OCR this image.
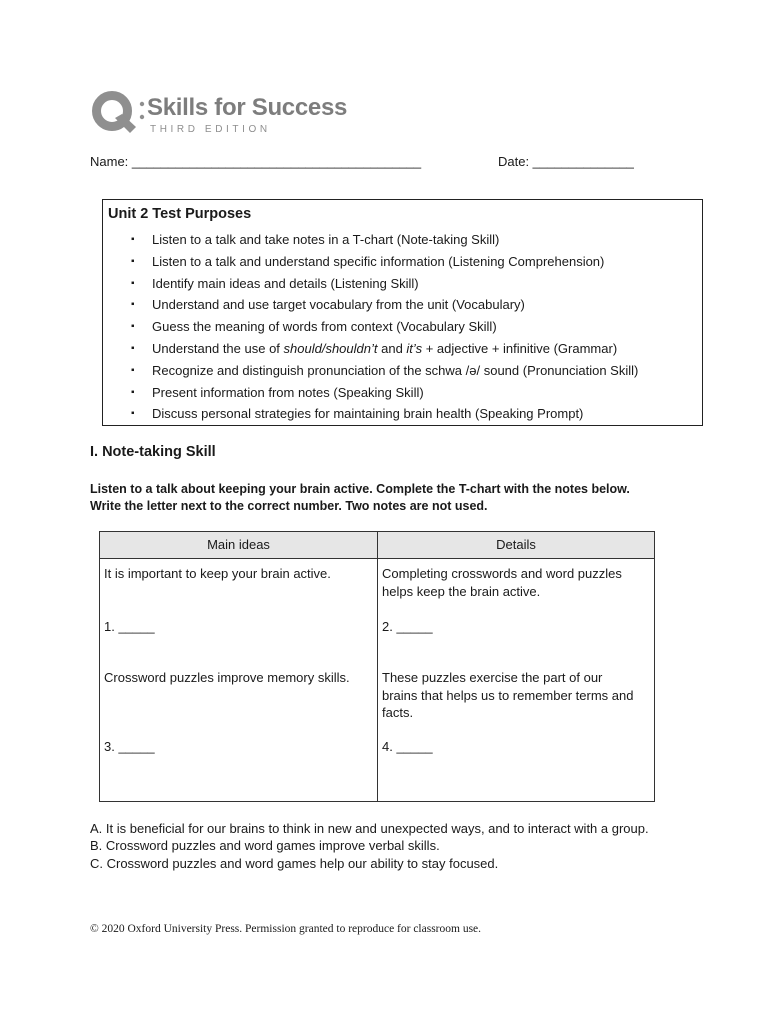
Skills for Success
THIRD EDITION
Name: ________________________________________	Date: ______________
Unit 2 Test Purposes
▪ Listen to a talk and take notes in a T-chart (Note-taking Skill)
▪ Listen to a talk and understand specific information (Listening Comprehension)
▪ Identify main ideas and details (Listening Skill)
▪ Understand and use target vocabulary from the unit (Vocabulary)
▪ Guess the meaning of words from context (Vocabulary Skill)
▪ Understand the use of should/shouldn’t and it’s + adjective + infinitive (Grammar)
▪ Recognize and distinguish pronunciation of the schwa /ə/ sound (Pronunciation Skill)
▪ Present information from notes (Speaking Skill)
▪ Discuss personal strategies for maintaining brain health (Speaking Prompt)
I. Note-taking Skill

Listen to a talk about keeping your brain active. Complete the T-chart with the notes below.

Write the letter next to the correct number. Two notes are not used.

Main ideas	Details
It is important to keep your brain active.	Completing crosswords and word puzzles helps keep the brain active.
1. _____	2. _____
Crossword puzzles improve memory skills.	These puzzles exercise the part of our brains that helps us to remember terms and facts.
3. _____	4. _____

A. It is beneficial for our brains to think in new and unexpected ways, and to interact with a group.

B. Crossword puzzles and word games improve verbal skills.

C. Crossword puzzles and word games help our ability to stay focused.

© 2020 Oxford University Press. Permission granted to reproduce for classroom use.
